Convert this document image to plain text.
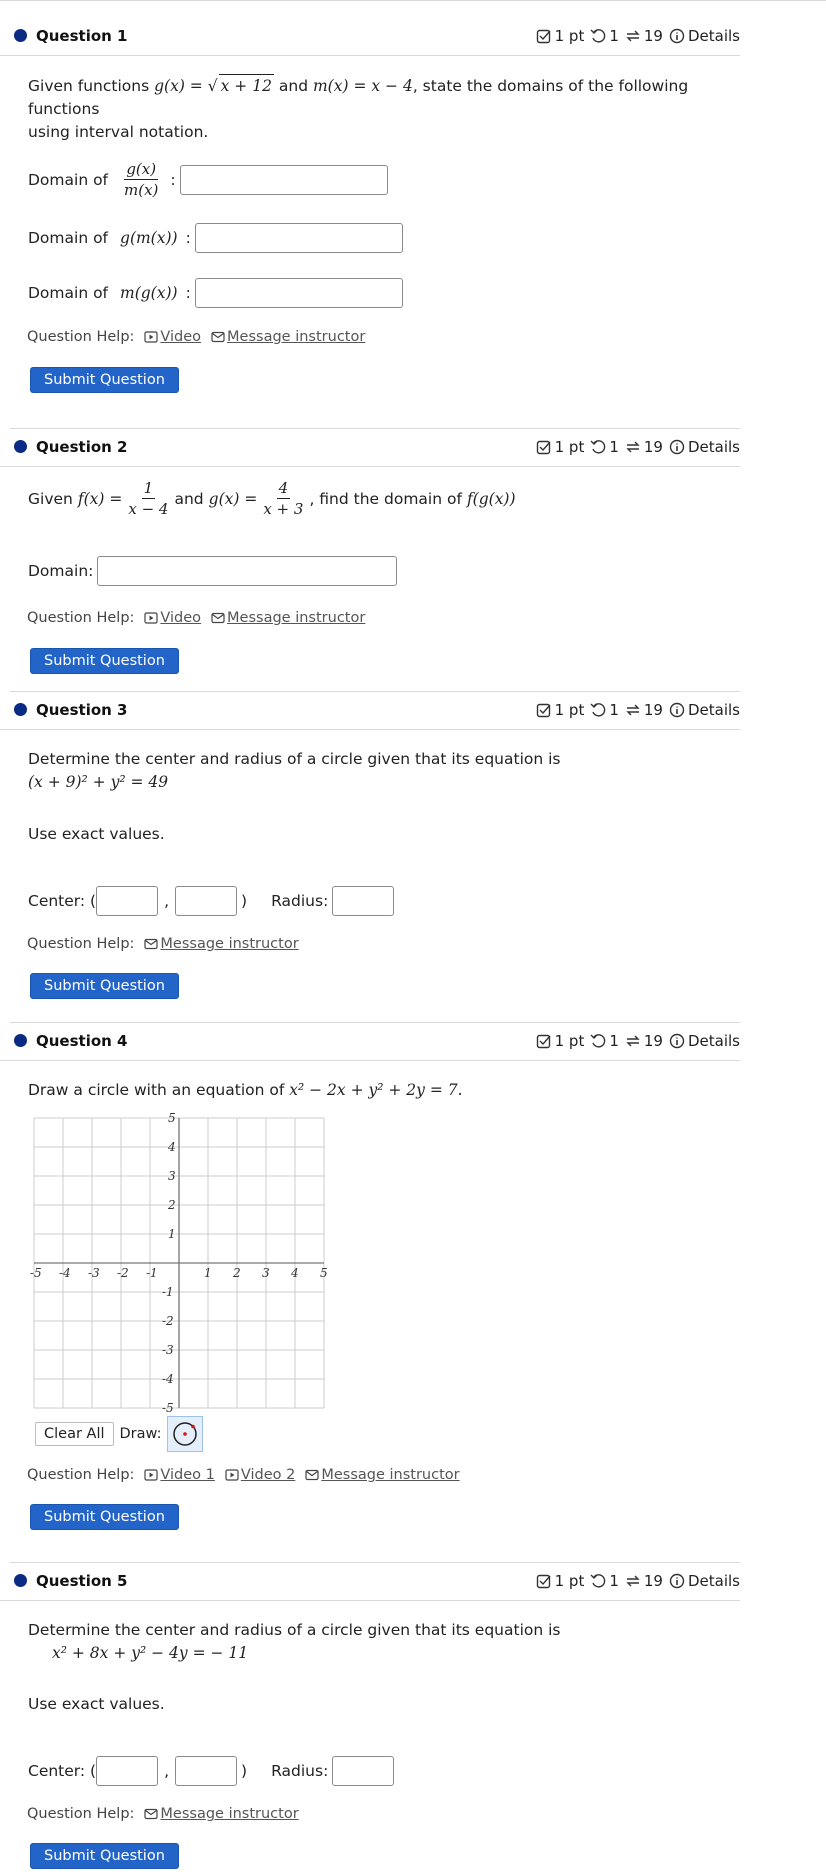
Question 1	1 pt 1 19 Details
Given functions g(x) = √ x + 12 and m(x) = x − 4, state the domains of the following functions
using interval notation.
Domain of $\frac{g(x)}{m(x)}$ :
Domain of g(m(x)) :
Domain of m(g(x)) :
Question Help: Video Message instructor
Submit Question
Question 2	1 pt 1 19 Details
Given $f(x) = \frac{1}{x - 4}$ and $g(x) = \frac{4}{x + 3}$ , find the domain of f(g(x))
Domain:
Question Help: Video Message instructor
Submit Question
Question 3	1 pt 1 19 Details
Determine the center and radius of a circle given that its equation is
(x + 9)² + y² = 49
Use exact values.
Center: (	,	) Radius:
Question Help: Message instructor
Submit Question
Question 4	1 pt 1 19 Details
Draw a circle with an equation of x² − 2x + y² + 2y = 7.
-5 -4 -3 -2 -1	1 2 3 4 5
5
4
3
2
1
-1
-2
-3
-4
-5
Clear All	Draw:
Question Help: Video 1 Video 2 Message instructor
Submit Question
Question 5	1 pt 1 19 Details
Determine the center and radius of a circle given that its equation is
x² + 8x + y² − 4y = − 11
Use exact values.
Center: (	,	) Radius:
Question Help: Message instructor
Submit Question
